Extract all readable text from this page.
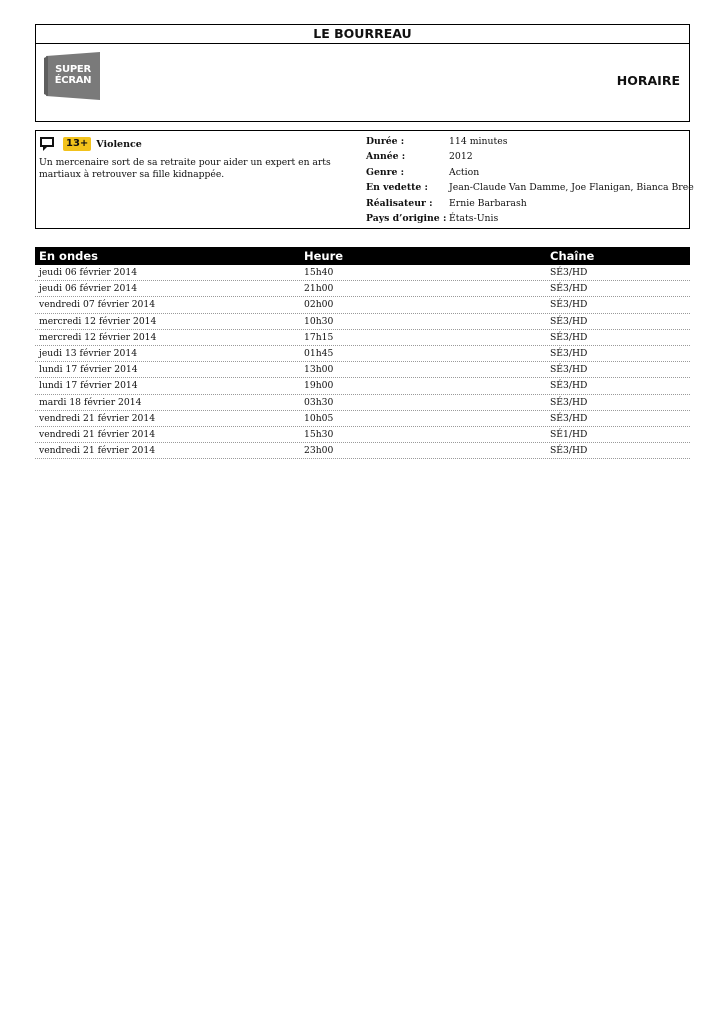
LE BOURREAU
SUPER
ÉCRAN	HORAIRE
13+ Violence
Un mercenaire sort de sa retraite pour aider un expert en arts martiaux à retrouver sa fille kidnappée.
Durée :	114 minutes
Année :	2012
Genre :	Action
En vedette :	Jean-Claude Van Damme, Joe Flanigan, Bianca Bree
Réalisateur :	Ernie Barbarash
Pays d’origine : États-Unis
En ondes	Heure	Chaîne
jeudi 06 février 2014	15h40	SÉ3/HD
jeudi 06 février 2014	21h00	SÉ3/HD
vendredi 07 février 2014	02h00	SÉ3/HD
mercredi 12 février 2014	10h30	SÉ3/HD
mercredi 12 février 2014	17h15	SÉ3/HD
jeudi 13 février 2014	01h45	SÉ3/HD
lundi 17 février 2014	13h00	SÉ3/HD
lundi 17 février 2014	19h00	SÉ3/HD
mardi 18 février 2014	03h30	SÉ3/HD
vendredi 21 février 2014	10h05	SÉ3/HD
vendredi 21 février 2014	15h30	SÉ1/HD
vendredi 21 février 2014	23h00	SÉ3/HD
